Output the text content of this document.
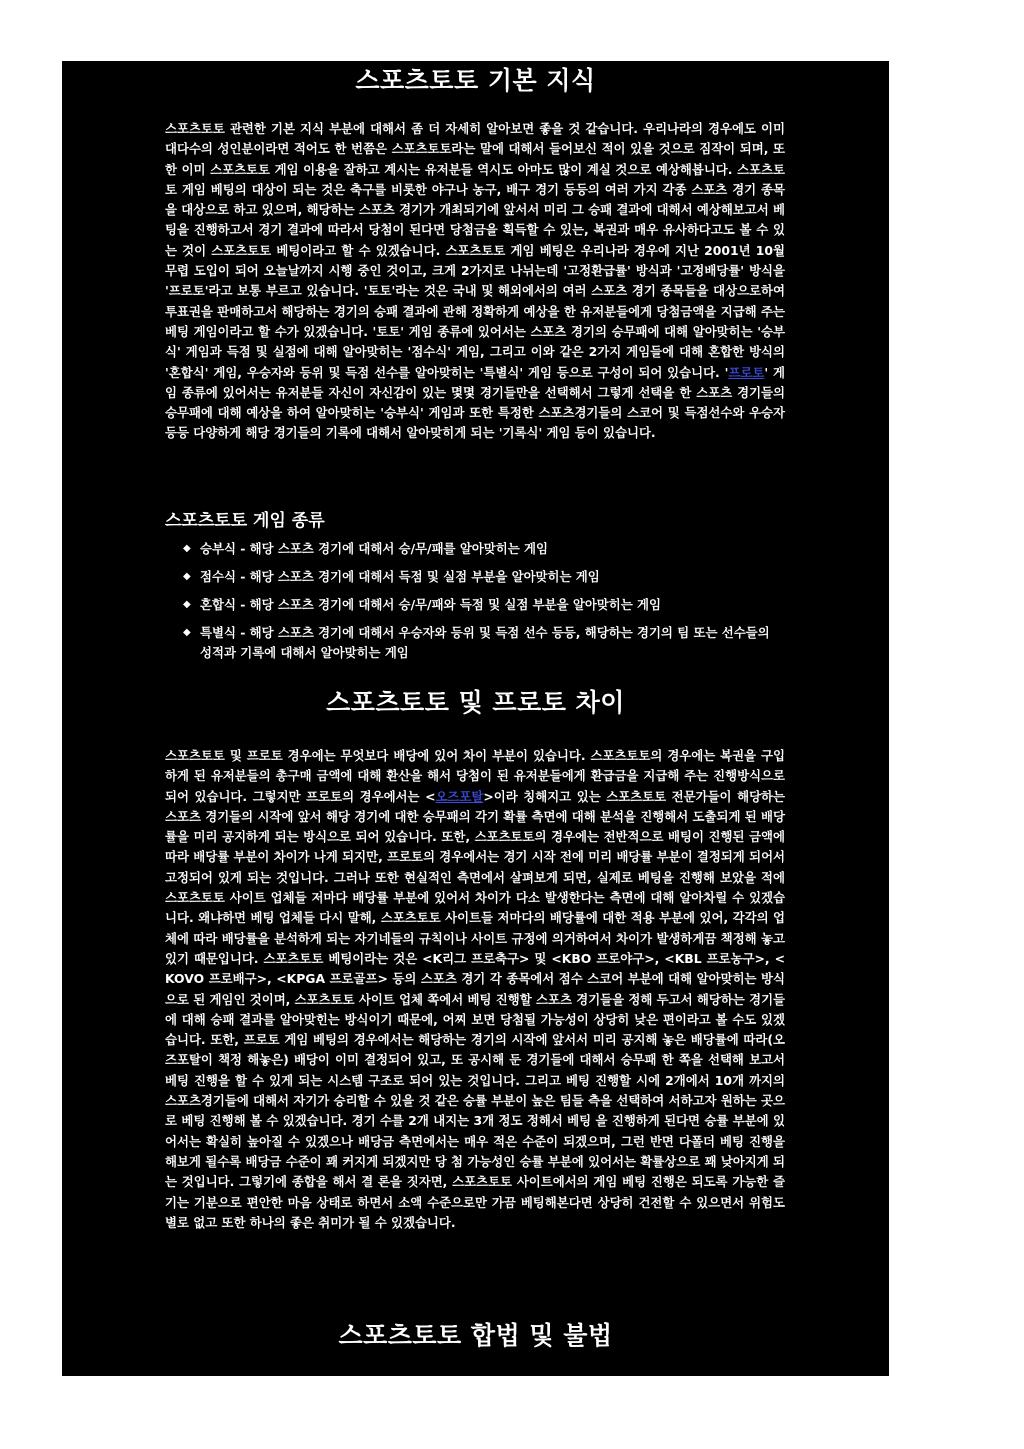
스포츠토토 기본 지식

스포츠토토 관련한 기본 지식 부분에 대해서 좀 더 자세히 알아보면 좋을 것 같습니다. 우리나라의 경우에도 이미 대다수의 성인분이라면 적어도 한 번쯤은 스포츠토토라는 말에 대해서 들어보신 적이 있을 것으로 짐작이 되며, 또한 이미 스포츠토토 게임 이용을 잘하고 계시는 유저분들 역시도 아마도 많이 계실 것으로 예상해봅니다. 스포츠토토 게임 베팅의 대상이 되는 것은 축구를 비롯한 야구나 농구, 배구 경기 등등의 여러 가지 각종 스포츠 경기 종목을 대상으로 하고 있으며, 해당하는 스포츠 경기가 개최되기에 앞서서 미리 그 승패 결과에 대해서 예상해보고서 베팅을 진행하고서 경기 결과에 따라서 당첨이 된다면 당첨금을 획득할 수 있는, 복권과 매우 유사하다고도 볼 수 있는 것이 스포츠토토 베팅이라고 할 수 있겠습니다. 스포츠토토 게임 베팅은 우리나라 경우에 지난 2001년 10월 무렵 도입이 되어 오늘날까지 시행 중인 것이고, 크게 2가지로 나뉘는데 '고정환급률' 방식과 '고정배당률' 방식을 '프로토'라고 보통 부르고 있습니다. '토토'라는 것은 국내 및 해외에서의 여러 스포츠 경기 종목들을 대상으로하여 투표권을 판매하고서 해당하는 경기의 승패 결과에 관해 정확하게 예상을 한 유저분들에게 당첨금액을 지급해 주는 베팅 게임이라고 할 수가 있겠습니다. '토토' 게임 종류에 있어서는 스포츠 경기의 승무패에 대해 알아맞히는 '승부식' 게임과 득점 및 실점에 대해 알아맞히는 '점수식' 게임, 그리고 이와 같은 2가지 게임들에 대해 혼합한 방식의 '혼합식' 게임, 우승자와 등위 및 득점 선수를 알아맞히는 '특별식' 게임 등으로 구성이 되어 있습니다. '프로토' 게임 종류에 있어서는 유저분들 자신이 자신감이 있는 몇몇 경기들만을 선택해서 그렇게 선택을 한 스포츠 경기들의 승무패에 대해 예상을 하여 알아맞히는 '승부식' 게임과 또한 특정한 스포츠경기들의 스코어 및 득점선수와 우승자 등등 다양하게 해당 경기들의 기록에 대해서 알아맞히게 되는 '기록식' 게임 등이 있습니다.

스포츠토토 게임 종류
◆ 승부식 - 해당 스포츠 경기에 대해서 승/무/패를 알아맞히는 게임
◆ 점수식 - 해당 스포츠 경기에 대해서 득점 및 실점 부분을 알아맞히는 게임
◆ 혼합식 - 해당 스포츠 경기에 대해서 승/무/패와 득점 및 실점 부분을 알아맞히는 게임
◆ 특별식 - 해당 스포츠 경기에 대해서 우승자와 등위 및 득점 선수 등등, 해당하는 경기의 팀 또는 선수들의 성적과 기록에 대해서 알아맞히는 게임
스포츠토토 및 프로토 차이

스포츠토토 및 프로토 경우에는 무엇보다 배당에 있어 차이 부분이 있습니다. 스포츠토토의 경우에는 복권을 구입하게 된 유저분들의 총구매 금액에 대해 환산을 해서 당첨이 된 유저분들에게 환급금을 지급해 주는 진행방식으로 되어 있습니다. 그렇지만 프로토의 경우에서는 <오즈포탈>이라 칭해지고 있는 스포츠토토 전문가들이 해당하는 스포츠 경기들의 시작에 앞서 해당 경기에 대한 승무패의 각기 확률 측면에 대해 분석을 진행해서 도출되게 된 배당률을 미리 공지하게 되는 방식으로 되어 있습니다. 또한, 스포츠토토의 경우에는 전반적으로 배팅이 진행된 금액에 따라 배당률 부분이 차이가 나게 되지만, 프로토의 경우에서는 경기 시작 전에 미리 배당률 부분이 결정되게 되어서 고정되어 있게 되는 것입니다. 그러나 또한 현실적인 측면에서 살펴보게 되면, 실제로 베팅을 진행해 보았을 적에 스포츠토토 사이트 업체들 저마다 배당률 부분에 있어서 차이가 다소 발생한다는 측면에 대해 알아차릴 수 있겠습니다. 왜냐하면 베팅 업체들 다시 말해, 스포츠토토 사이트들 저마다의 배당률에 대한 적용 부분에 있어, 각각의 업체에 따라 배당률을 분석하게 되는 자기네들의 규칙이나 사이트 규정에 의거하여서 차이가 발생하게끔 책정해 놓고 있기 때문입니다. 스포츠토토 베팅이라는 것은 <K리그 프로축구> 및 <KBO 프로야구>, <KBL 프로농구>, <KOVO 프로배구>, <KPGA 프로골프> 등의 스포츠 경기 각 종목에서 점수 스코어 부분에 대해 알아맞히는 방식으로 된 게임인 것이며, 스포츠토토 사이트 업체 쪽에서 베팅 진행할 스포츠 경기들을 정해 두고서 해당하는 경기들에 대해 승패 결과를 알아맞힌는 방식이기 때문에, 어찌 보면 당첨될 가능성이 상당히 낮은 편이라고 볼 수도 있겠습니다. 또한, 프로토 게임 베팅의 경우에서는 해당하는 경기의 시작에 앞서서 미리 공지해 놓은 배당률에 따라(오즈포탈이 책정 해놓은) 배당이 이미 결정되어 있고, 또 공시해 둔 경기들에 대해서 승무패 한 쪽을 선택해 보고서 베팅 진행을 할 수 있게 되는 시스템 구조로 되어 있는 것입니다. 그리고 베팅 진행할 시에 2개에서 10개 까지의 스포츠경기들에 대해서 자기가 승리할 수 있을 것 같은 승률 부분이 높은 팀들 측을 선택하여 서하고자 원하는 곳으로 베팅 진행해 볼 수 있겠습니다. 경기 수를 2개 내지는 3개 정도 정해서 베팅 을 진행하게 된다면 승률 부분에 있어서는 확실히 높아질 수 있겠으나 배당금 측면에서는 매우 적은 수준이 되겠으며, 그런 반면 다폴더 베팅 진행을 해보게 될수록 배당금 수준이 꽤 커지게 되겠지만 당 첨 가능성인 승률 부분에 있어서는 확률상으로 꽤 낮아지게 되는 것입니다. 그렇기에 종합을 해서 결 론을 짓자면, 스포츠토토 사이트에서의 게임 베팅 진행은 되도록 가능한 즐기는 기분으로 편안한 마음 상태로 하면서 소액 수준으로만 가끔 베팅해본다면 상당히 건전할 수 있으면서 위험도 별로 없고 또한 하나의 좋은 취미가 될 수 있겠습니다.

스포츠토토 합법 및 불법
